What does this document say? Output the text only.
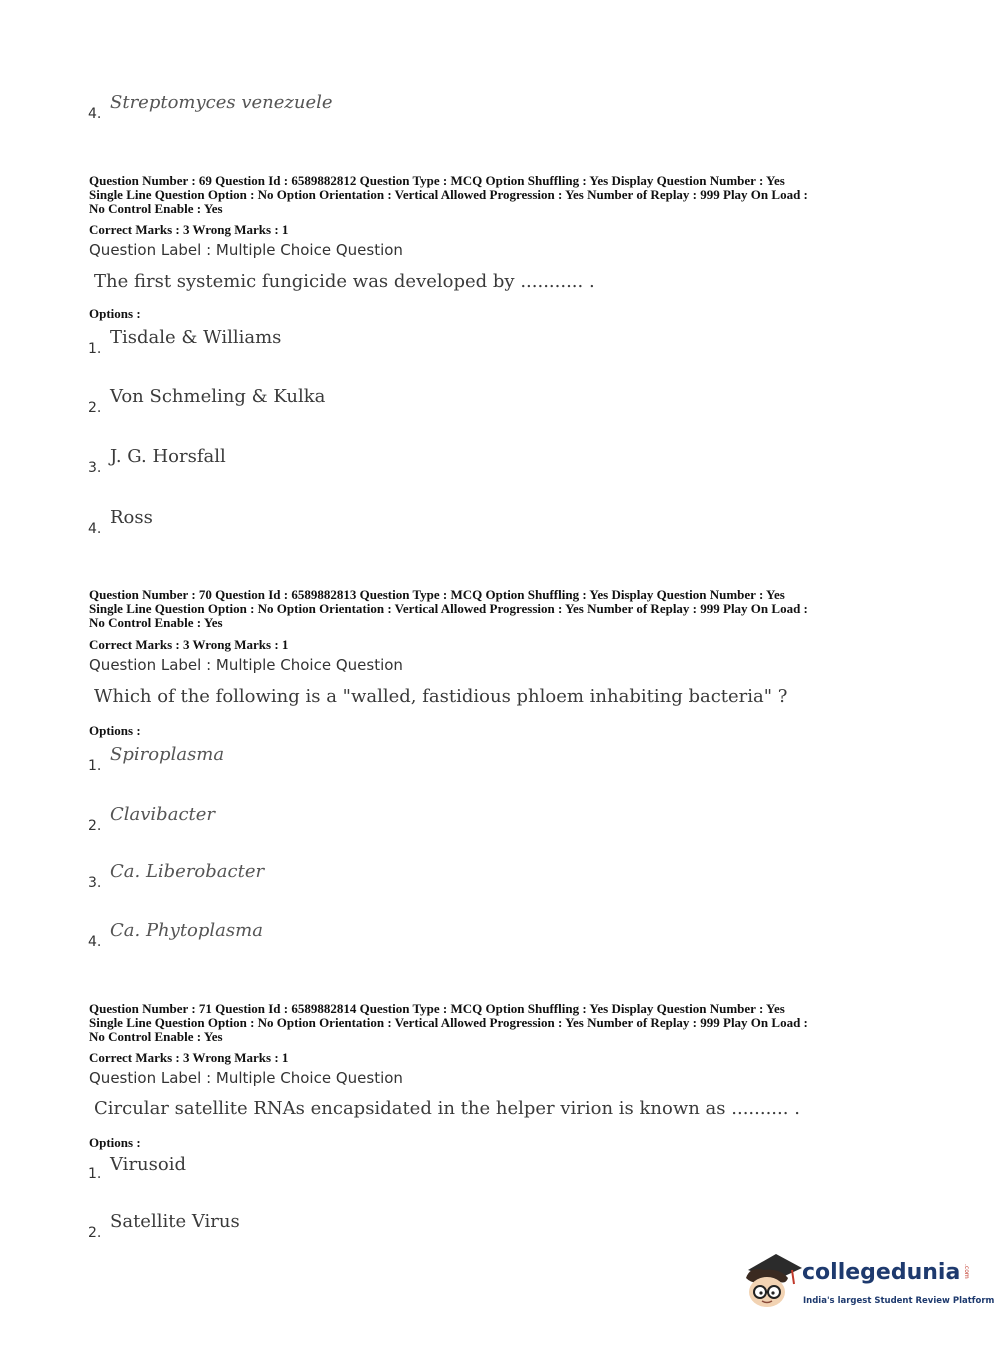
4.
Streptomyces venezuele
Question Number : 69 Question Id : 6589882812 Question Type : MCQ Option Shuffling : Yes Display Question Number : Yes
Single Line Question Option : No Option Orientation : Vertical Allowed Progression : Yes Number of Replay : 999 Play On Load :
No Control Enable : Yes
Correct Marks : 3 Wrong Marks : 1
Question Label : Multiple Choice Question
The first systemic fungicide was developed by ........... .
Options :
1.
Tisdale & Williams
2.
Von Schmeling & Kulka
3.
J. G. Horsfall
4.
Ross
Question Number : 70 Question Id : 6589882813 Question Type : MCQ Option Shuffling : Yes Display Question Number : Yes
Single Line Question Option : No Option Orientation : Vertical Allowed Progression : Yes Number of Replay : 999 Play On Load :
No Control Enable : Yes
Correct Marks : 3 Wrong Marks : 1
Question Label : Multiple Choice Question
Which of the following is a "walled, fastidious phloem inhabiting bacteria" ?
Options :
1.
Spiroplasma
2.
Clavibacter
3.
Ca. Liberobacter
4.
Ca. Phytoplasma
Question Number : 71 Question Id : 6589882814 Question Type : MCQ Option Shuffling : Yes Display Question Number : Yes
Single Line Question Option : No Option Orientation : Vertical Allowed Progression : Yes Number of Replay : 999 Play On Load :
No Control Enable : Yes
Correct Marks : 3 Wrong Marks : 1
Question Label : Multiple Choice Question
Circular satellite RNAs encapsidated in the helper virion is known as .......... .
Options :
1. Virusoid
2.
Satellite Virus
collegedunia .com
India's largest Student Review Platform
